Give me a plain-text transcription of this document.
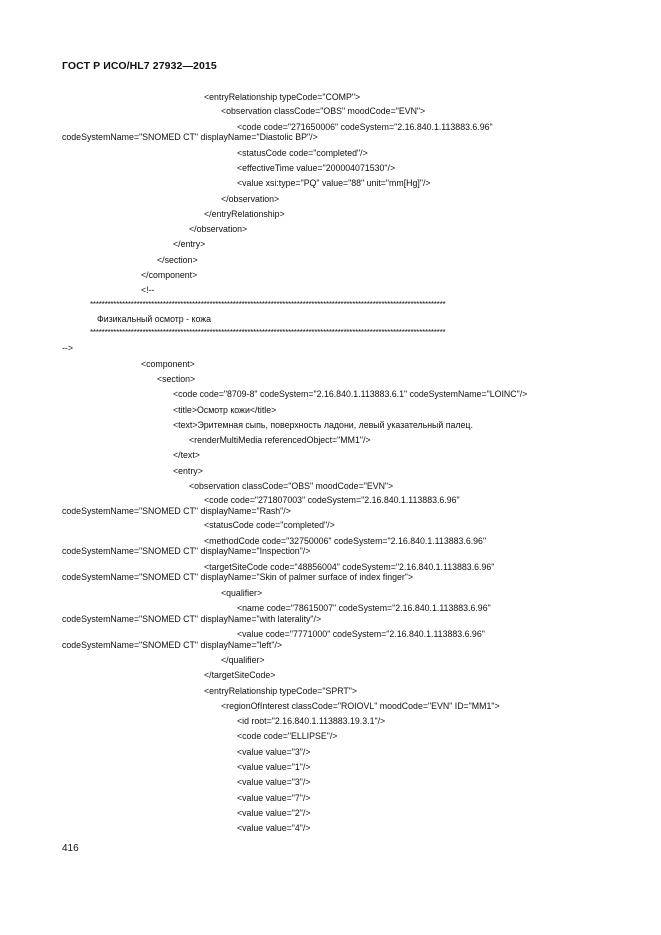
ГОСТ Р ИСО/HL7 27932—2015
<entryRelationship typeCode="COMP">
<observation classCode="OBS" moodCode="EVN">
<code code="271650006" codeSystem="2.16.840.1.113883.6.96"
codeSystemName="SNOMED CT" displayName="Diastolic BP"/>
<statusCode code="completed"/>
<effectiveTime value="200004071530"/>
<value xsi:type="PQ" value="88" unit="mm[Hg]"/>
</observation>
</entryRelationship>
</observation>
</entry>
</section>
</component>
<!--
**************************************************************************************************************************
Физикальный осмотр - кожа
**************************************************************************************************************************
-->
<component>
<section>
<code code="8709-8" codeSystem="2.16.840.1.113883.6.1" codeSystemName="LOINC"/>
<title>Осмотр кожи</title>
<text>Эритемная сыпь, поверхность ладони, левый указательный палец.
<renderMultiMedia referencedObject="MM1"/>
</text>
<entry>
<observation classCode="OBS" moodCode="EVN">
<code code="271807003" codeSystem="2.16.840.1.113883.6.96"
codeSystemName="SNOMED CT" displayName="Rash"/>
<statusCode code="completed"/>
<methodCode code="32750006" codeSystem="2.16.840.1.113883.6.96"
codeSystemName="SNOMED CT" displayName="Inspection"/>
<targetSiteCode code="48856004" codeSystem="2.16.840.1.113883.6.96"
codeSystemName="SNOMED CT" displayName="Skin of palmer surface of index finger">
<qualifier>
<name code="78615007" codeSystem="2.16.840.1.113883.6.96"
codeSystemName="SNOMED CT" displayName="with laterality"/>
<value code="7771000" codeSystem="2.16.840.1.113883.6.96"
codeSystemName="SNOMED CT" displayName="left"/>
</qualifier>
</targetSiteCode>
<entryRelationship typeCode="SPRT">
<regionOfInterest classCode="ROIOVL" moodCode="EVN" ID="MM1">
<id root="2.16.840.1.113883.19.3.1"/>
<code code="ELLIPSE"/>
<value value="3"/>
<value value="1"/>
<value value="3"/>
<value value="7"/>
<value value="2"/>
<value value="4"/>
416
